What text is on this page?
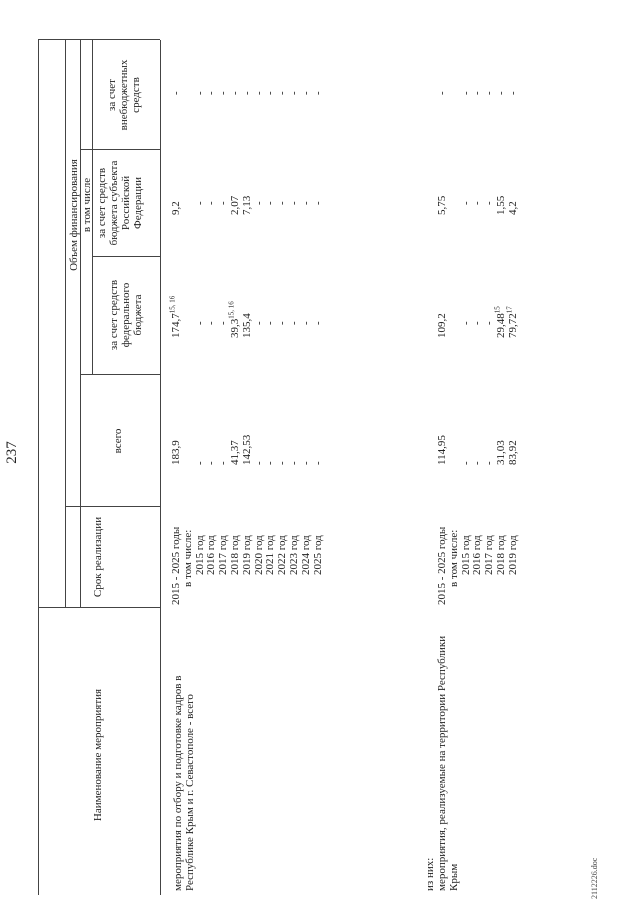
237
Наименование мероприятия
Срок реализации
Объем финансирования
всего
в том числе
за счет средств федерального бюджета
за счет средств бюджета субъекта Российской Федерации
за счет внебюджетных средств
мероприятия по отбору и подготовке кадров в Республике Крым и г. Севастополе - всего
2015 - 2025 годы
183,9
174,7$^{15, 16}$
9,2
-
в том числе: 2015 год
-
-
-
-
2016 год
-
-
-
-
2017 год
-
-
-
-
2018 год
41,37
39,3$^{15, 16}$
2,07
-
2019 год
142,53
135,4
7,13
-
2020 год
-
-
-
-
2021 год
-
-
-
-
2022 год
-
-
-
-
2023 год
-
-
-
-
2024 год
-
-
-
-
2025 год
-
-
-
-
из них: мероприятия, реализуемые на территории Республики Крым
2015 - 2025 годы
114,95
109,2
5,75
-
в том числе: 2015 год
-
-
-
-
2016 год
-
-
-
-
2017 год
-
-
-
-
2018 год
31,03
29,48$^{15}$
1,55
-
2019 год
83,92
79,72$^{17}$
4,2
-
2112226.doc
